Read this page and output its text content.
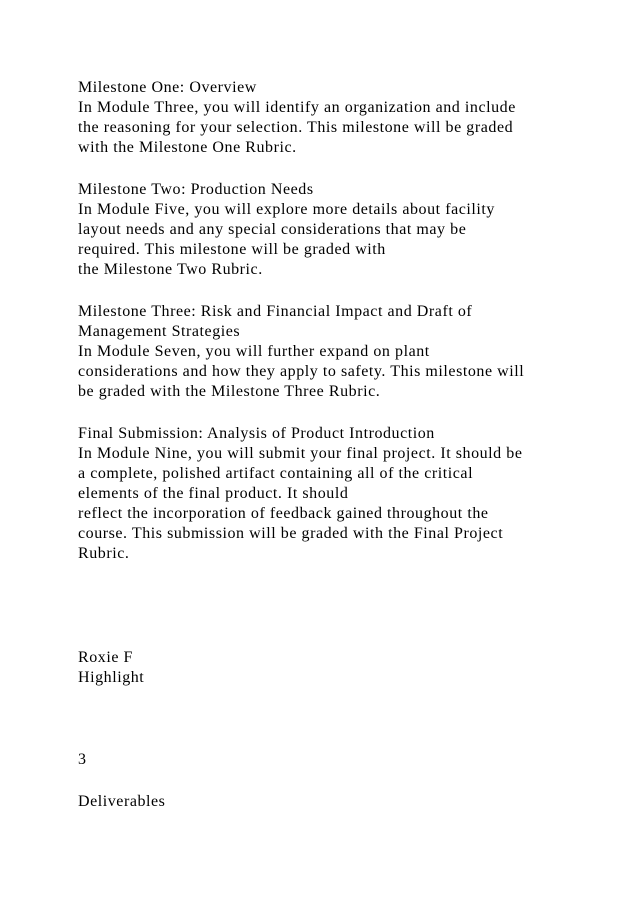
Milestone One: Overview
In Module Three, you will identify an organization and include
the reasoning for your selection. This milestone will be graded
with the Milestone One Rubric.
Milestone Two: Production Needs
In Module Five, you will explore more details about facility
layout needs and any special considerations that may be
required. This milestone will be graded with
the Milestone Two Rubric.
Milestone Three: Risk and Financial Impact and Draft of
Management Strategies
In Module Seven, you will further expand on plant
considerations and how they apply to safety. This milestone will
be graded with the Milestone Three Rubric.
Final Submission: Analysis of Product Introduction
In Module Nine, you will submit your final project. It should be
a complete, polished artifact containing all of the critical
elements of the final product. It should
reflect the incorporation of feedback gained throughout the
course. This submission will be graded with the Final Project
Rubric.
Roxie F
Highlight
3
Deliverables
